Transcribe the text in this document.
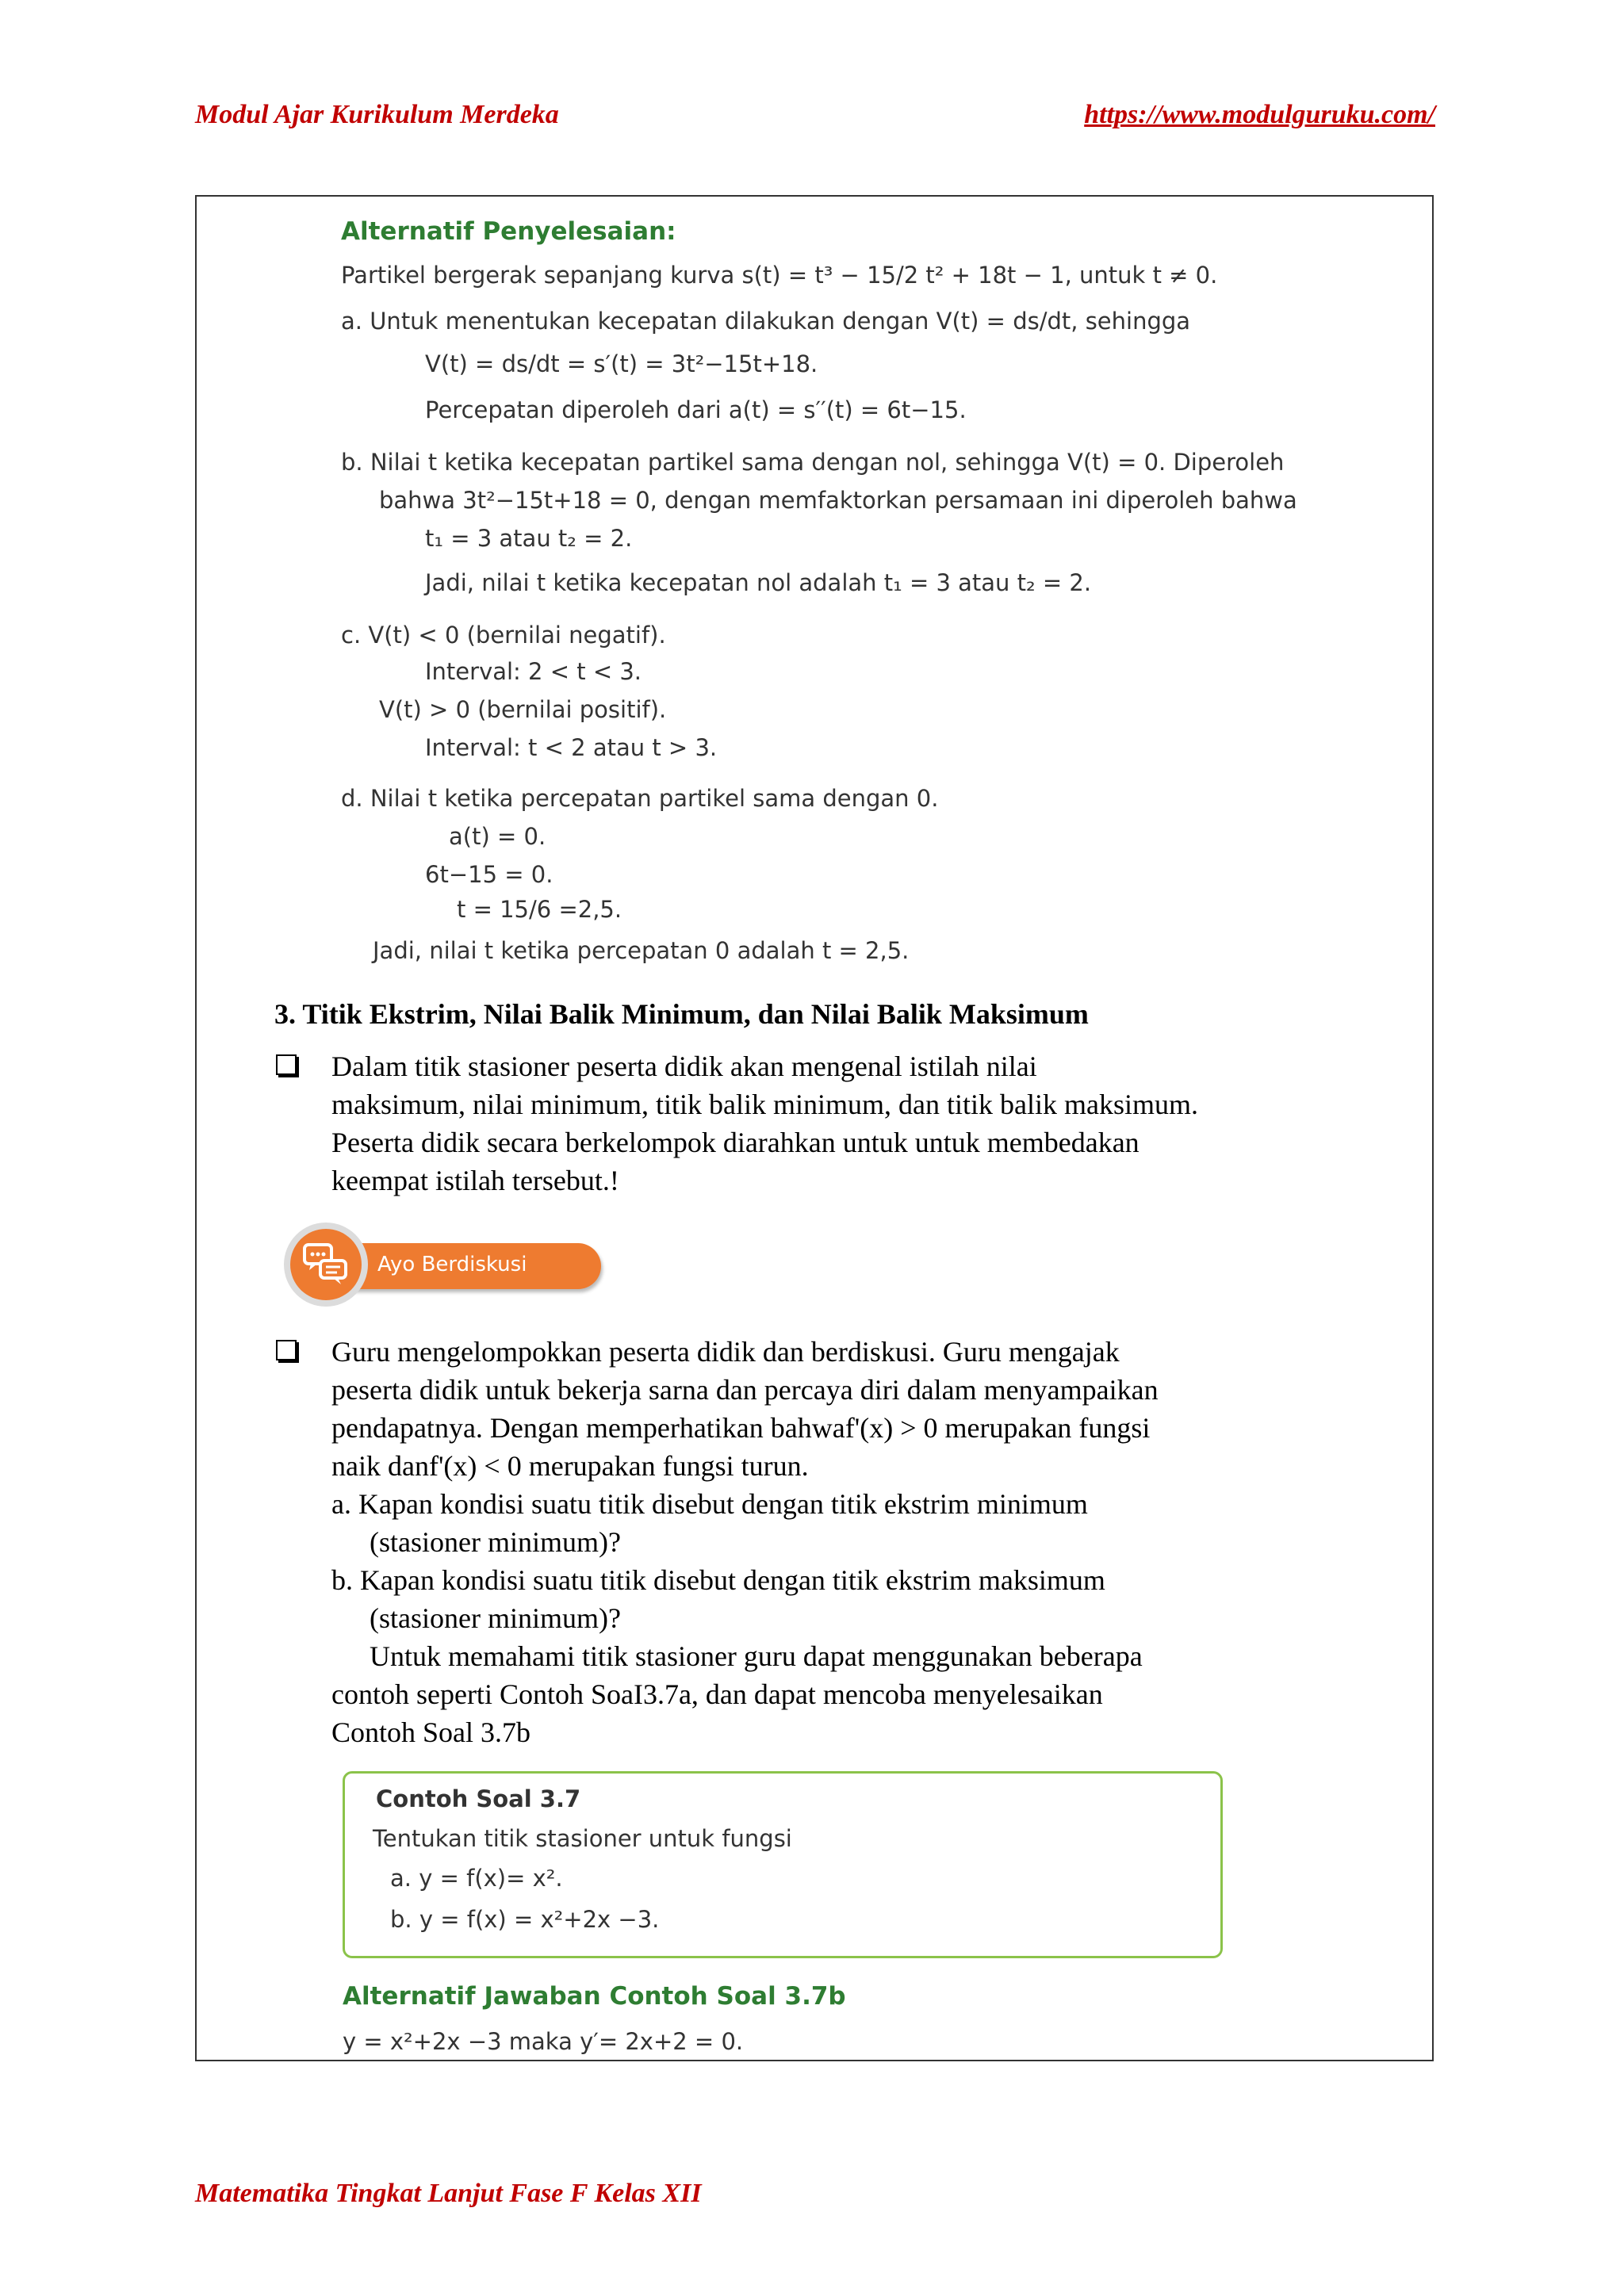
Modul Ajar Kurikulum Merdeka	https://www.modulguruku.com/
Alternatif Penyelesaian:
Partikel bergerak sepanjang kurva s(t) = t³ − 15/2 t² + 18t − 1, untuk t ≠ 0.
a. Untuk menentukan kecepatan dilakukan dengan V(t) = ds/dt, sehingga
V(t) = ds/dt = s′(t) = 3t²−15t+18.
Percepatan diperoleh dari a(t) = s′′(t) = 6t−15.
b. Nilai t ketika kecepatan partikel sama dengan nol, sehingga V(t) = 0. Diperoleh
bahwa 3t²−15t+18 = 0, dengan memfaktorkan persamaan ini diperoleh bahwa
t₁ = 3 atau t₂ = 2.
Jadi, nilai t ketika kecepatan nol adalah t₁ = 3 atau t₂ = 2.
c. V(t) < 0 (bernilai negatif).
Interval: 2 < t < 3.
V(t) > 0 (bernilai positif).
Interval: t < 2 atau t > 3.
d. Nilai t ketika percepatan partikel sama dengan 0.
a(t) = 0.
6t−15 = 0.
t = 15/6 =2,5.
Jadi, nilai t ketika percepatan 0 adalah t = 2,5.
3. Titik Ekstrim, Nilai Balik Minimum, dan Nilai Balik Maksimum
Dalam titik stasioner peserta didik akan mengenal istilah nilai
maksimum, nilai minimum, titik balik minimum, dan titik balik maksimum.
Peserta didik secara berkelompok diarahkan untuk untuk membedakan
keempat istilah tersebut.!
Ayo Berdiskusi
Guru mengelompokkan peserta didik dan berdiskusi. Guru mengajak
peserta didik untuk bekerja sarna dan percaya diri dalam menyampaikan
pendapatnya. Dengan memperhatikan bahwaf'(x) > 0 merupakan fungsi
naik danf'(x) < 0 merupakan fungsi turun.
a. Kapan kondisi suatu titik disebut dengan titik ekstrim minimum
(stasioner minimum)?
b. Kapan kondisi suatu titik disebut dengan titik ekstrim maksimum
(stasioner minimum)?
Untuk memahami titik stasioner guru dapat menggunakan beberapa
contoh seperti Contoh SoaI3.7a, dan dapat mencoba menyelesaikan
Contoh Soal 3.7b
Contoh Soal 3.7
Tentukan titik stasioner untuk fungsi
a. y = f(x)= x².
b. y = f(x) = x²+2x −3.
Alternatif Jawaban Contoh Soal 3.7b
y = x²+2x −3 maka y′= 2x+2 = 0.
Matematika Tingkat Lanjut Fase F Kelas XII
